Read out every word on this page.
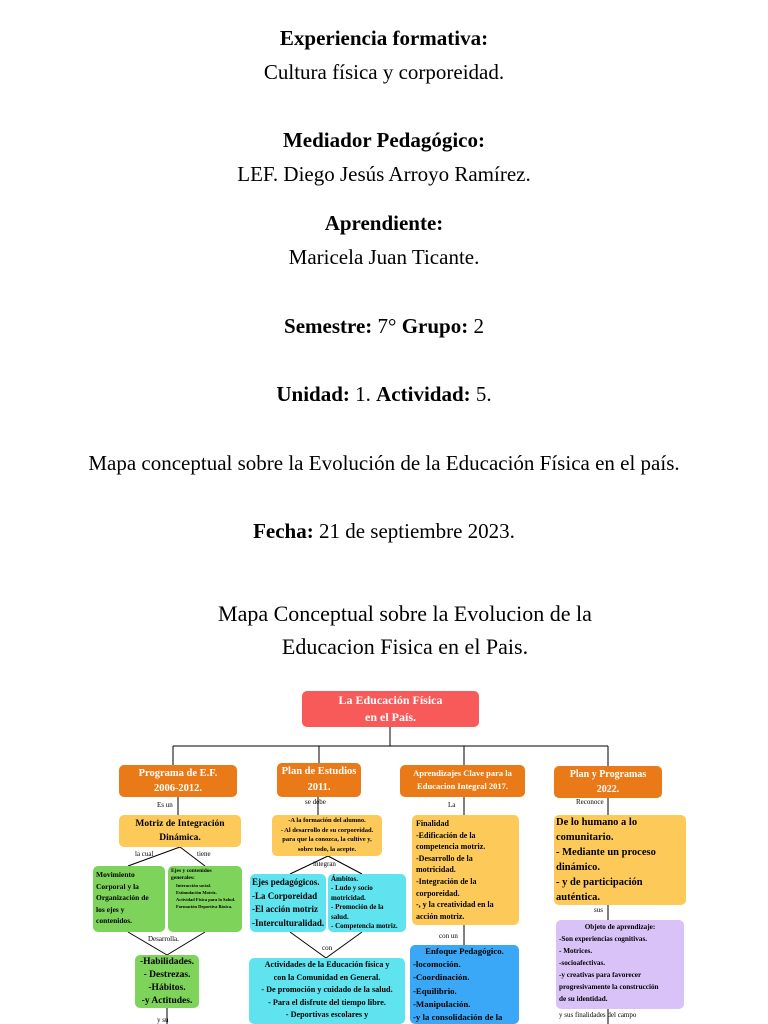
Experiencia formativa:
Cultura física y corporeidad.
Mediador Pedagógico:
LEF. Diego Jesús Arroyo Ramírez.
Aprendiente:
Maricela Juan Ticante.
Semestre: 7° Grupo: 2
Unidad: 1. Actividad: 5.
Mapa conceptual sobre la Evolución de la Educación Física en el país.
Fecha: 21 de septiembre 2023.
Mapa Conceptual sobre la Evolucion de la
Educacion Fisica en el Pais.
La Educación Física
en el País.
Programa de E.F.
2006-2012.
Plan de Estudios
2011.
Aprendizajes Clave para la
Educacion Integral 2017.
Plan y Programas
2022.
Es un	se debe	La	Reconoce
Motriz de Integración
Dinámica.
-A la formación del alumno.
- Al desarrollo de su corporeidad.
para que la conozca, la cultive y,
sobre todo, la acepte.
Finalidad
-Edificación de la
competencia motriz.
-Desarrollo de la
motricidad.
-Integración de la
corporeidad.
-, y la creatividad en la
acción motriz.
De lo humano a lo
comunitario.
- Mediante un proceso
dinámico.
- y de participación
auténtica.
la cual	tiene
integran
sus
con un
Movimiento
Corporal y la
Organización de
los ejes y
contenidos.
Ejes y contenidos
generales:
Interacción social.
Estimulación Motriz.
Actividad Física para la Salud.
Formación Deportiva Básica.
Ejes pedagógicos.
-La Corporeidad
-El acción motriz
-Interculturalidad.
Ámbitos.
- Ludo y socio
motricidad.
- Promoción de la
salud.
- Competencia motriz.	Objeto de aprendizaje:
-Son experiencias cognitivas.
- Motrices.
-socioafectivas.
-y creativas para favorecer
progresivamente la construcción
de su identidad.
Desarrolla.
con
y sus finalidades del campo
-Habilidades.
- Destrezas.
-Hábitos.
-y Actitudes.
Actividades de la Educación física y
con la Comunidad en General.
- De promoción y cuidado de la salud.
- Para el disfrute del tiempo libre.
- Deportivas escolares y
Enfoque Pedagógico.
-locomoción.
-Coordinación.
-Equilibrio.
-Manipulación.
-y la consolidación de la
y su
